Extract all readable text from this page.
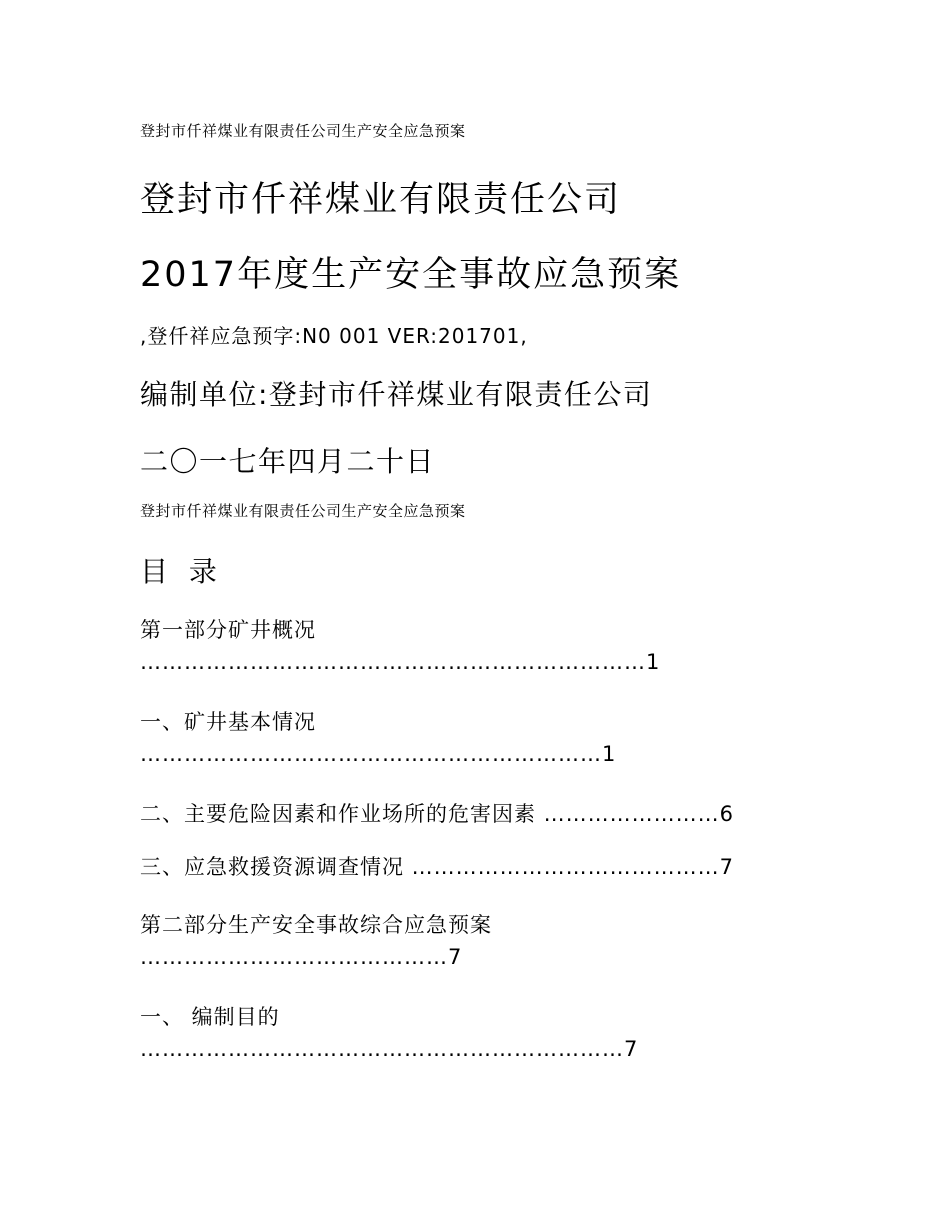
登封市仟祥煤业有限责任公司生产安全应急预案
登封市仟祥煤业有限责任公司
2017年度生产安全事故应急预案
,登仟祥应急预字:N0 001 VER:201701,
编制单位:登封市仟祥煤业有限责任公司
二〇一七年四月二十日
登封市仟祥煤业有限责任公司生产安全应急预案
目 录
第一部分矿井概况
……………………………………………………………1
一、矿井基本情况
………………………………………………………1
二、主要危险因素和作业场所的危害因素 ……………………6
三、应急救援资源调查情况 ……………………………………7
第二部分生产安全事故综合应急预案
……………………………………7
一、 编制目的
…………………………………………………………7
